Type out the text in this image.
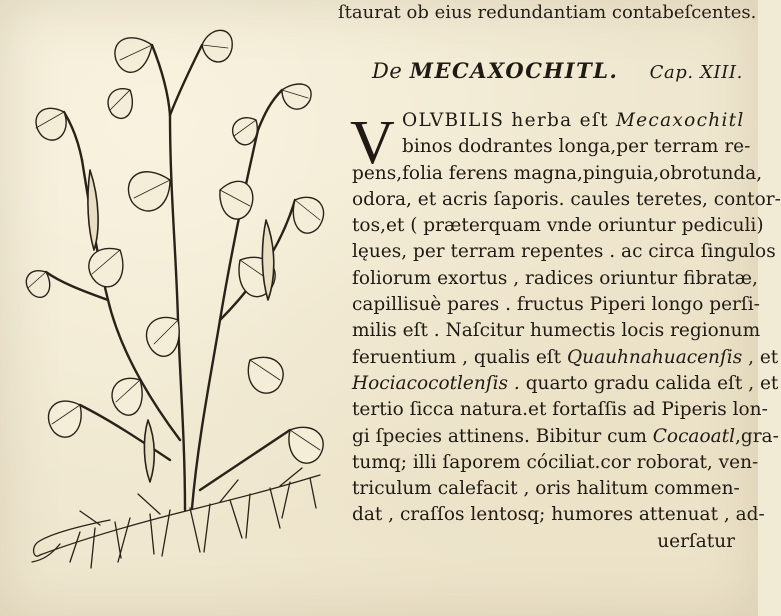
ſtaurat ob eius redundantiam contabeſcentes.
De MECAXOCHITL. Cap. XIII.
V OLVBILIS herba eſt Mecaxochitl
binos dodrantes longa,per terram re-
pens,folia ferens magna,pinguia,obrotunda,
odora, et acris ſaporis. caules teretes, contor-
tos,et ( præterquam vnde oriuntur pediculi)
lęues, per terram repentes . ac circa ſingulos
foliorum exortus , radices oriuntur fibratæ,
capillisuè pares . fructus Piperi longo perſi-
milis eſt . Naſcitur humectis locis regionum
feruentium , qualis eſt Quauhnahuacenſis , et
Hociacocotlenſis . quarto gradu calida eſt , et
tertio ſicca natura.et fortaſſis ad Piperis lon-
gi ſpecies attinens. Bibitur cum Cocaoatl,gra-
tumq; illi ſaporem cóciliat.cor roborat, ven-
triculum calefacit , oris halitum commen-
dat , craſſos lentosq; humores attenuat , ad-
uerſatur
